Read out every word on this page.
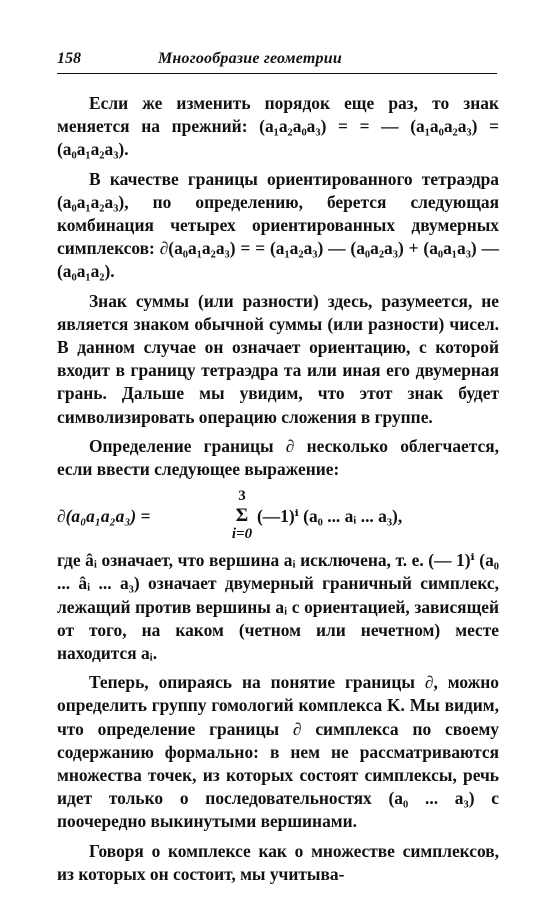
158	Многообразие геометрии

Если же изменить порядок еще раз, то знак меняется на прежний: (a₁a₂a₀a₃) = = — (a₁a₀a₂a₃) = (a₀a₁a₂a₃).

В качестве границы ориентированного тетраэдра (a₀a₁a₂a₃), по определению, берется следующая комбинация четырех ориентированных двумерных симплексов: ∂(a₀a₁a₂a₃) = = (a₁a₂a₃) — (a₀a₂a₃) + (a₀a₁a₃) — (a₀a₁a₂).

Знак суммы (или разности) здесь, разумеется, не является знаком обычной суммы (или разности) чисел. В данном случае он означает ориентацию, с которой входит в границу тетраэдра та или иная его двумерная грань. Дальше мы увидим, что этот знак будет символизировать операцию сложения в группе.

Определение границы ∂ несколько облегчается, если ввести следующее выражение:

∂(a₀a₁a₂a₃) =
3
Σ
i=0
(—1)ⁱ (a₀ ... aᵢ ... a₃),

где âᵢ означает, что вершина aᵢ исключена, т. е. (— 1)ⁱ (a₀ ... âᵢ ... a₃) означает двумерный граничный симплекс, лежащий против вершины aᵢ с ориентацией, зависящей от того, на каком (четном или нечетном) месте находится aᵢ.

Теперь, опираясь на понятие границы ∂, можно определить группу гомологий комплекса K. Мы видим, что определение границы ∂ симплекса по своему содержанию формально: в нем не рассматриваются множества точек, из которых состоят симплексы, речь идет только о последовательностях (a₀ ... a₃) с поочередно выкинутыми вершинами.

Говоря о комплексе как о множестве симплексов, из которых он состоит, мы учитыва-
